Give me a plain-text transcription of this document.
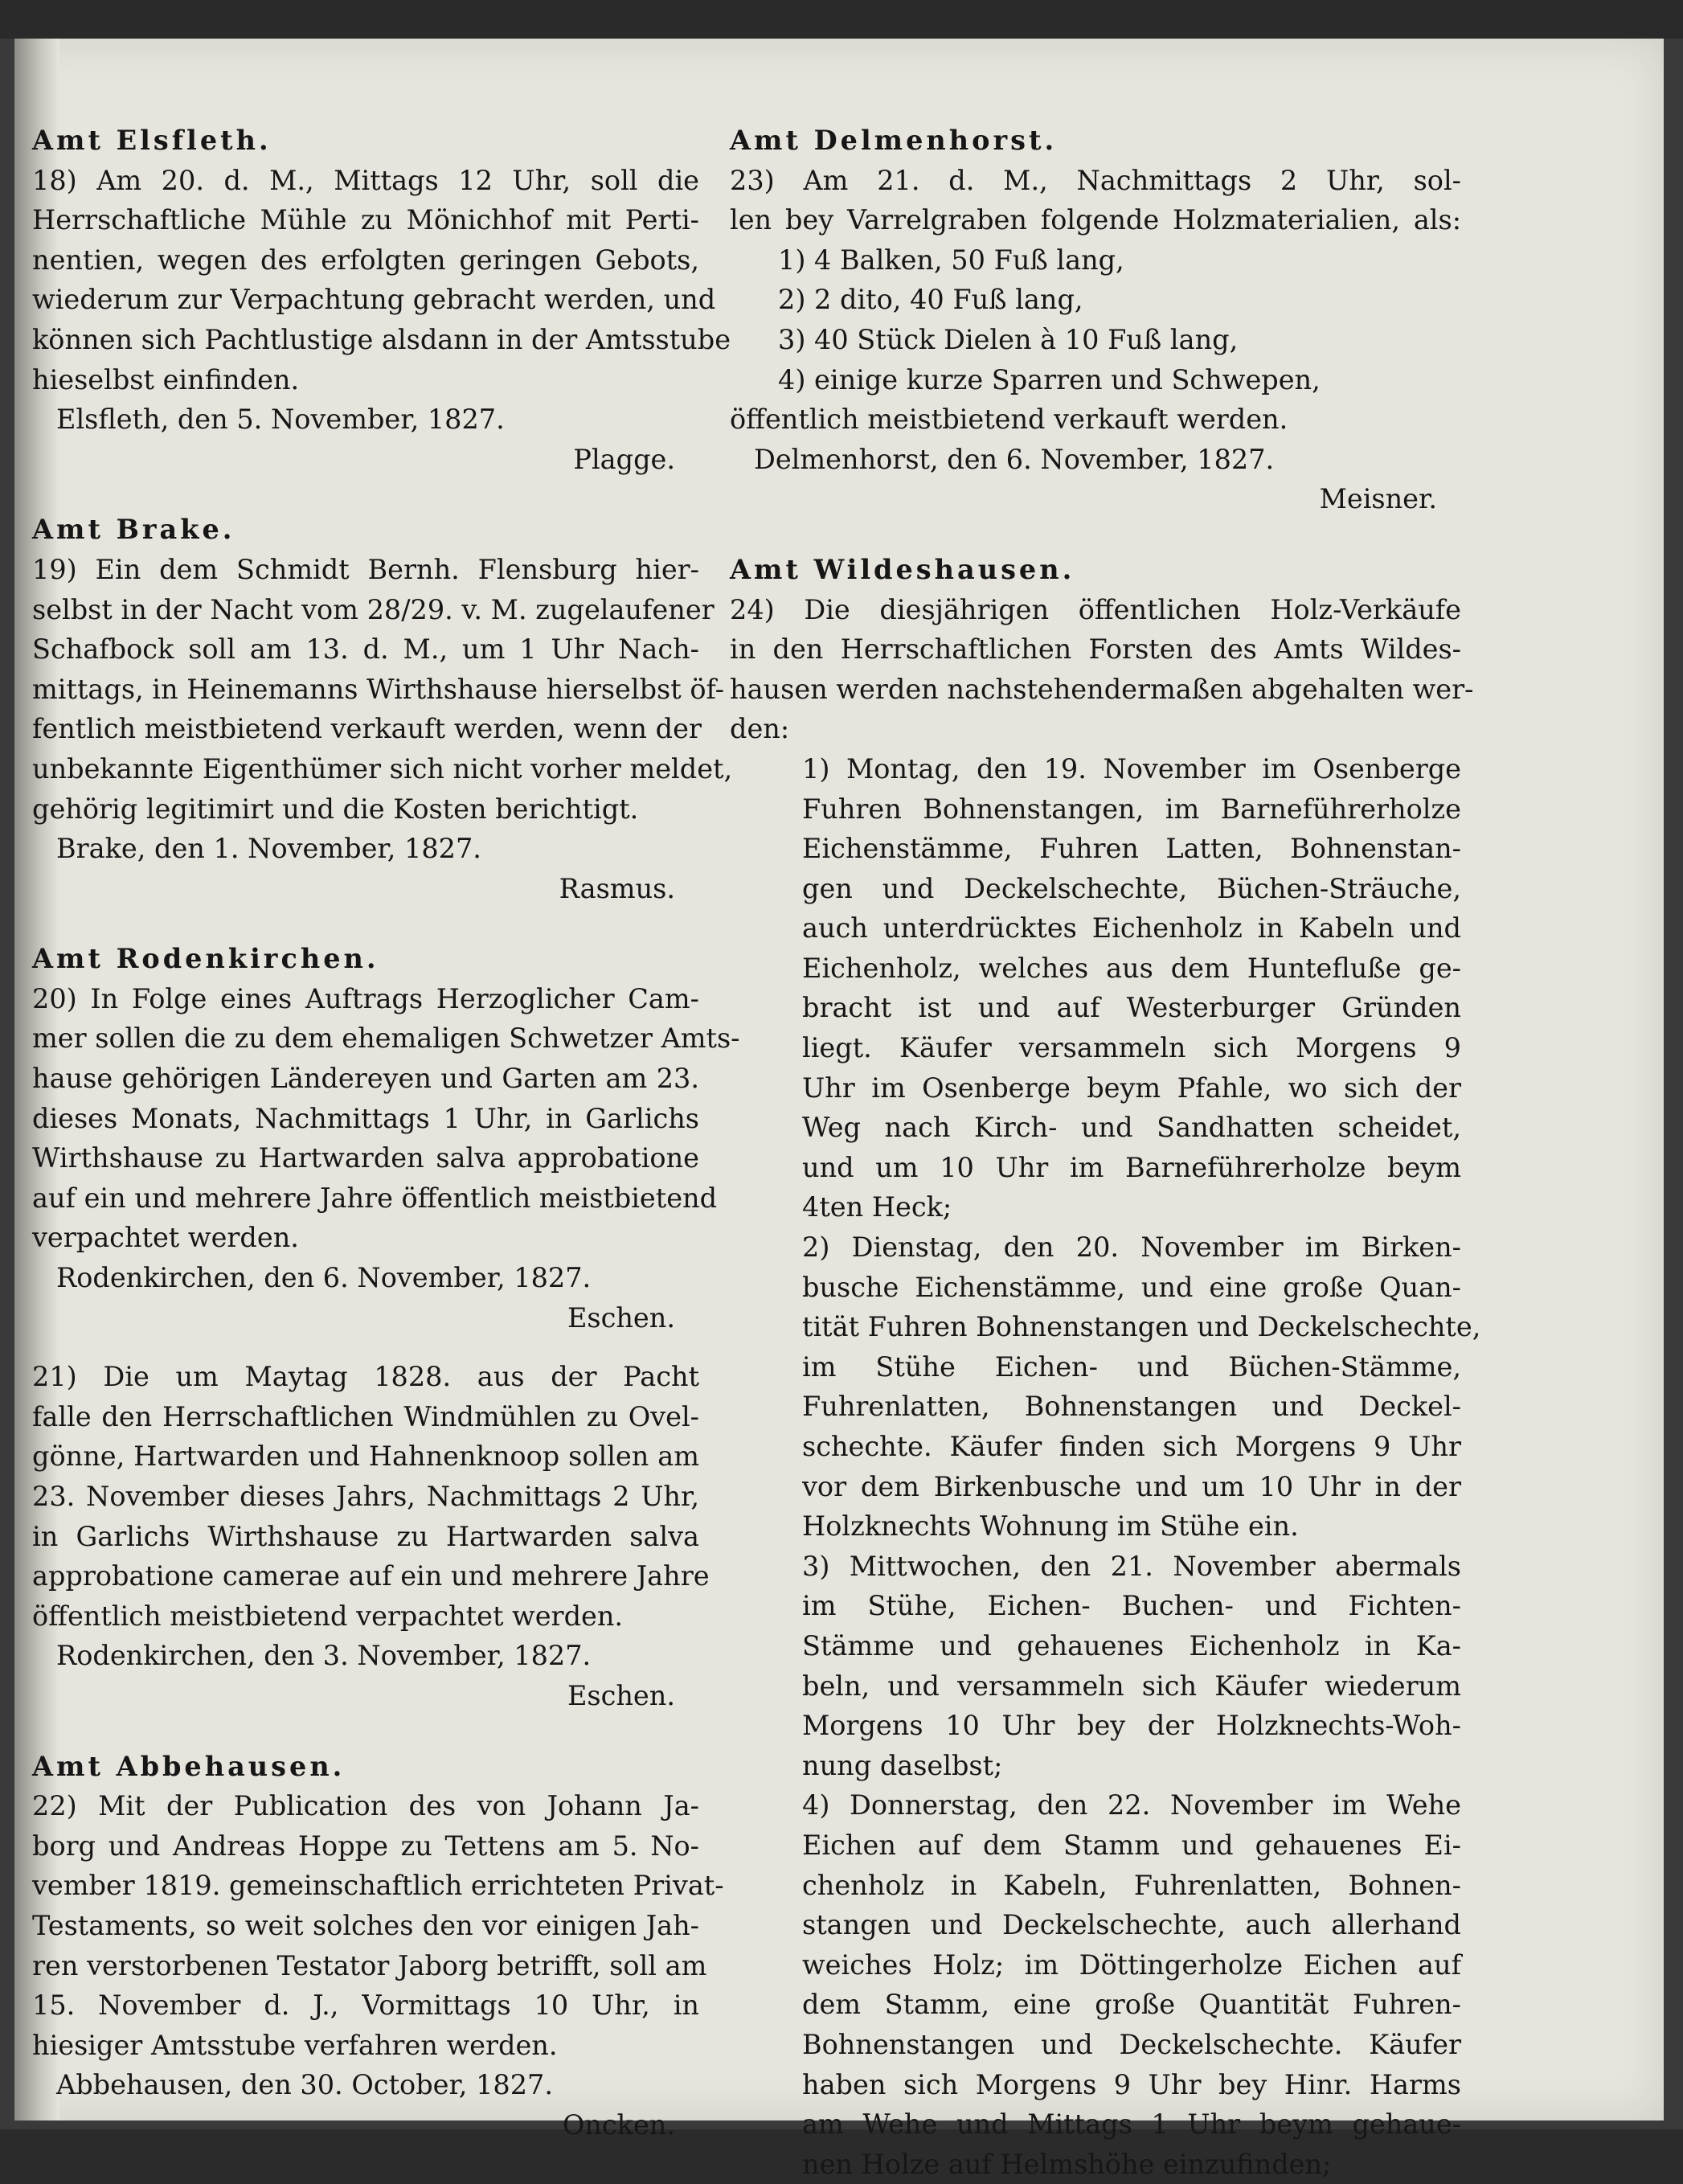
Amt Elsfleth.
18) Am 20. d. M., Mittags 12 Uhr, soll die
Herrschaftliche Mühle zu Mönichhof mit Perti-
nentien, wegen des erfolgten geringen Gebots,
wiederum zur Verpachtung gebracht werden, und
können sich Pachtlustige alsdann in der Amtsstube
hieselbst einfinden.
Elsfleth, den 5. November, 1827.
Plagge.
Amt Brake.
19) Ein dem Schmidt Bernh. Flensburg hier-
selbst in der Nacht vom 28/29. v. M. zugelaufener
Schafbock soll am 13. d. M., um 1 Uhr Nach-
mittags, in Heinemanns Wirthshause hierselbst öf-
fentlich meistbietend verkauft werden, wenn der
unbekannte Eigenthümer sich nicht vorher meldet,
gehörig legitimirt und die Kosten berichtigt.
Brake, den 1. November, 1827.
Rasmus.
Amt Rodenkirchen.
20) In Folge eines Auftrags Herzoglicher Cam-
mer sollen die zu dem ehemaligen Schwetzer Amts-
hause gehörigen Ländereyen und Garten am 23.
dieses Monats, Nachmittags 1 Uhr, in Garlichs
Wirthshause zu Hartwarden salva approbatione
auf ein und mehrere Jahre öffentlich meistbietend
verpachtet werden.
Rodenkirchen, den 6. November, 1827.
Eschen.
21) Die um Maytag 1828. aus der Pacht
falle den Herrschaftlichen Windmühlen zu Ovel-
gönne, Hartwarden und Hahnenknoop sollen am
23. November dieses Jahrs, Nachmittags 2 Uhr,
in Garlichs Wirthshause zu Hartwarden salva
approbatione camerae auf ein und mehrere Jahre
öffentlich meistbietend verpachtet werden.
Rodenkirchen, den 3. November, 1827.
Eschen.
Amt Abbehausen.
22) Mit der Publication des von Johann Ja-
borg und Andreas Hoppe zu Tettens am 5. No-
vember 1819. gemeinschaftlich errichteten Privat-
Testaments, so weit solches den vor einigen Jah-
ren verstorbenen Testator Jaborg betrifft, soll am
15. November d. J., Vormittags 10 Uhr, in
hiesiger Amtsstube verfahren werden.
Abbehausen, den 30. October, 1827.
Oncken.
Amt Delmenhorst.
23) Am 21. d. M., Nachmittags 2 Uhr, sol-
len bey Varrelgraben folgende Holzmaterialien, als:
1) 4 Balken, 50 Fuß lang,
2) 2 dito, 40 Fuß lang,
3) 40 Stück Dielen à 10 Fuß lang,
4) einige kurze Sparren und Schwepen,
öffentlich meistbietend verkauft werden.
Delmenhorst, den 6. November, 1827.
Meisner.
Amt Wildeshausen.
24) Die diesjährigen öffentlichen Holz-Verkäufe
in den Herrschaftlichen Forsten des Amts Wildes-
hausen werden nachstehendermaßen abgehalten wer-
den:
1) Montag, den 19. November im Osenberge
Fuhren Bohnenstangen, im Barneführerholze
Eichenstämme, Fuhren Latten, Bohnenstan-
gen und Deckelschechte, Büchen-Sträuche,
auch unterdrücktes Eichenholz in Kabeln und
Eichenholz, welches aus dem Huntefluße ge-
bracht ist und auf Westerburger Gründen
liegt. Käufer versammeln sich Morgens 9
Uhr im Osenberge beym Pfahle, wo sich der
Weg nach Kirch- und Sandhatten scheidet,
und um 10 Uhr im Barneführerholze beym
4ten Heck;
2) Dienstag, den 20. November im Birken-
busche Eichenstämme, und eine große Quan-
tität Fuhren Bohnenstangen und Deckelschechte,
im Stühe Eichen- und Büchen-Stämme,
Fuhrenlatten, Bohnenstangen und Deckel-
schechte. Käufer finden sich Morgens 9 Uhr
vor dem Birkenbusche und um 10 Uhr in der
Holzknechts Wohnung im Stühe ein.
3) Mittwochen, den 21. November abermals
im Stühe, Eichen- Buchen- und Fichten-
Stämme und gehauenes Eichenholz in Ka-
beln, und versammeln sich Käufer wiederum
Morgens 10 Uhr bey der Holzknechts-Woh-
nung daselbst;
4) Donnerstag, den 22. November im Wehe
Eichen auf dem Stamm und gehauenes Ei-
chenholz in Kabeln, Fuhrenlatten, Bohnen-
stangen und Deckelschechte, auch allerhand
weiches Holz; im Döttingerholze Eichen auf
dem Stamm, eine große Quantität Fuhren-
Bohnenstangen und Deckelschechte. Käufer
haben sich Morgens 9 Uhr bey Hinr. Harms
am Wehe und Mittags 1 Uhr beym gehaue-
nen Holze auf Helmshöhe einzufinden;
